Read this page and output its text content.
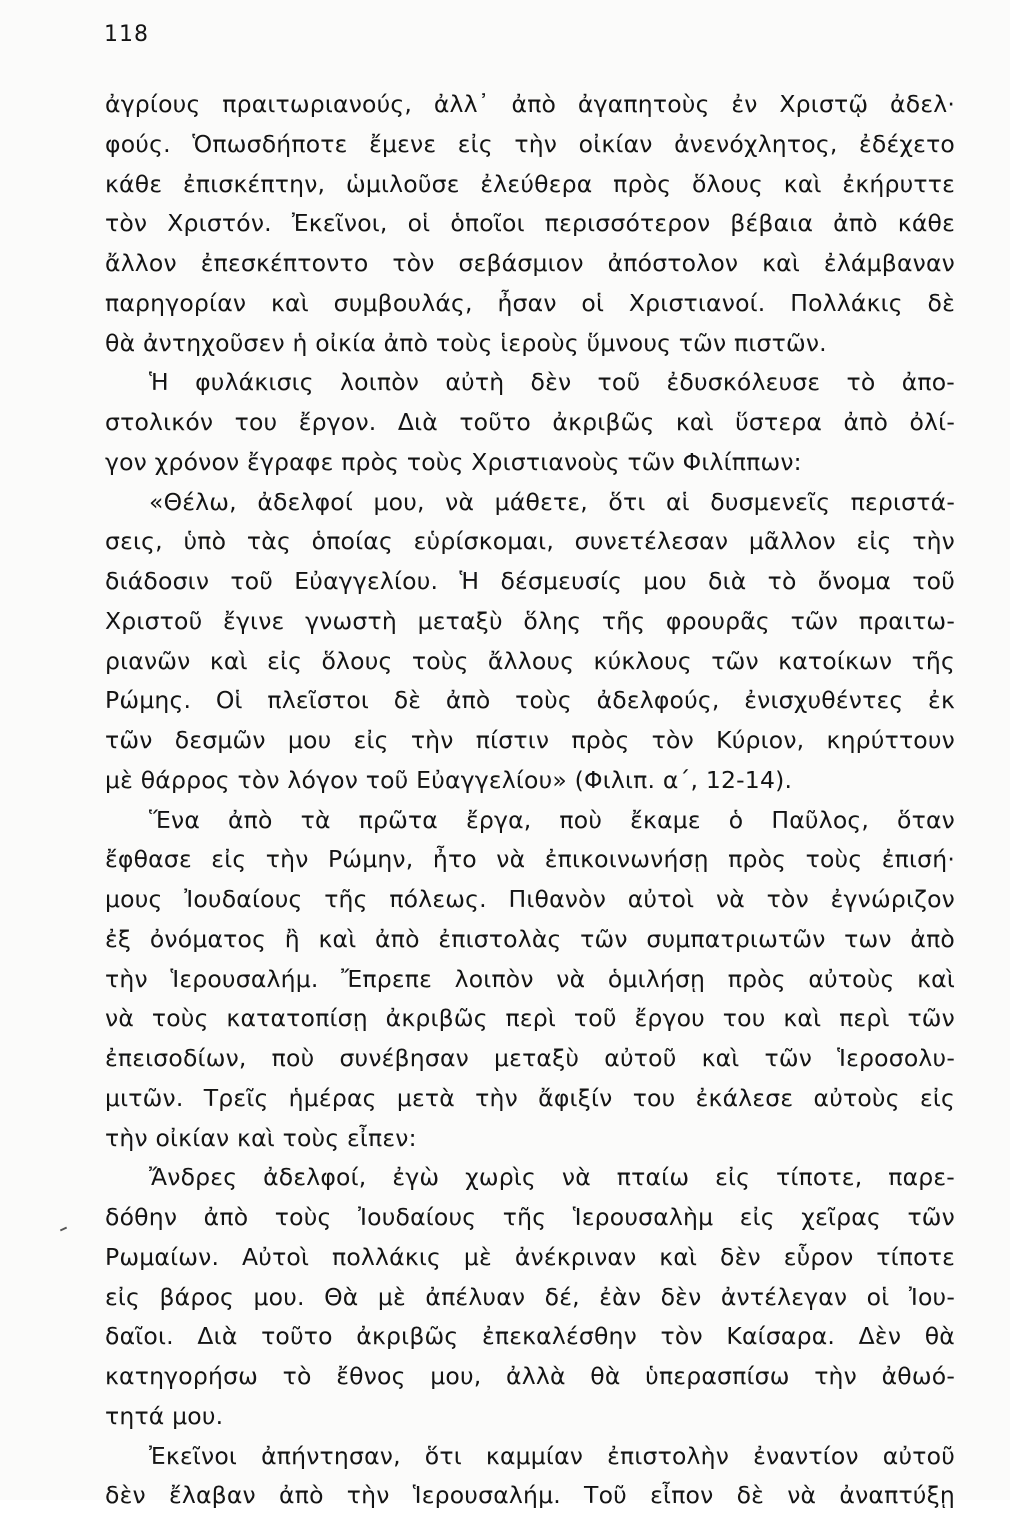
118
ἀγρίους πραιτωριανούς, ἀλλ᾽ ἀπὸ ἀγαπητοὺς ἐν Χριστῷ ἀδελ·
φούς. Ὁπωσδήποτε ἔμενε εἰς τὴν οἰκίαν ἀνενόχλητος, ἐδέχετο
κάθε ἐπισκέπτην, ὡμιλοῦσε ἐλεύθερα πρὸς ὅλους καὶ ἐκήρυττε
τὸν Χριστόν. Ἐκεῖνοι, οἱ ὁποῖοι περισσότερον βέβαια ἀπὸ κάθε
ἄλλον ἐπεσκέπτοντο τὸν σεβάσμιον ἀπόστολον καὶ ἐλάμβαναν
παρηγορίαν καὶ συμβουλάς, ἦσαν οἱ Χριστιανοί. Πολλάκις δὲ
θὰ ἀντηχοῦσεν ἡ οἰκία ἀπὸ τοὺς ἱεροὺς ὕμνους τῶν πιστῶν.
Ἡ φυλάκισις λοιπὸν αὐτὴ δὲν τοῦ ἐδυσκόλευσε τὸ ἀπο-
στολικόν του ἔργον. Διὰ τοῦτο ἀκριβῶς καὶ ὕστερα ἀπὸ ὀλί-
γον χρόνον ἔγραφε πρὸς τοὺς Χριστιανοὺς τῶν Φιλίππων:
«Θέλω, ἀδελφοί μου, νὰ μάθετε, ὅτι αἱ δυσμενεῖς περιστά-
σεις, ὑπὸ τὰς ὁποίας εὑρίσκομαι, συνετέλεσαν μᾶλλον εἰς τὴν
διάδοσιν τοῦ Εὐαγγελίου. Ἡ δέσμευσίς μου διὰ τὸ ὄνομα τοῦ
Χριστοῦ ἔγινε γνωστὴ μεταξὺ ὅλης τῆς φρουρᾶς τῶν πραιτω-
ριανῶν καὶ εἰς ὅλους τοὺς ἄλλους κύκλους τῶν κατοίκων τῆς
Ρώμης. Οἱ πλεῖστοι δὲ ἀπὸ τοὺς ἀδελφούς, ἐνισχυθέντες ἐκ
τῶν δεσμῶν μου εἰς τὴν πίστιν πρὸς τὸν Κύριον, κηρύττουν
μὲ θάρρος τὸν λόγον τοῦ Εὐαγγελίου» (Φιλιπ. α΄, 12-14).
Ἕνα ἀπὸ τὰ πρῶτα ἔργα, ποὺ ἔκαμε ὁ Παῦλος, ὅταν
ἔφθασε εἰς τὴν Ρώμην, ἦτο νὰ ἐπικοινωνήσῃ πρὸς τοὺς ἐπισή·
μους Ἰουδαίους τῆς πόλεως. Πιθανὸν αὐτοὶ νὰ τὸν ἐγνώριζον
ἐξ ὀνόματος ἢ καὶ ἀπὸ ἐπιστολὰς τῶν συμπατριωτῶν των ἀπὸ
τὴν Ἱερουσαλήμ. Ἔπρεπε λοιπὸν νὰ ὁμιλήσῃ πρὸς αὐτοὺς καὶ
νὰ τοὺς κατατοπίσῃ ἀκριβῶς περὶ τοῦ ἔργου του καὶ περὶ τῶν
ἐπεισοδίων, ποὺ συνέβησαν μεταξὺ αὐτοῦ καὶ τῶν Ἱεροσολυ-
μιτῶν. Τρεῖς ἡμέρας μετὰ τὴν ἄφιξίν του ἐκάλεσε αὐτοὺς εἰς
τὴν οἰκίαν καὶ τοὺς εἶπεν:
Ἄνδρες ἀδελφοί, ἐγὼ χωρὶς νὰ πταίω εἰς τίποτε, παρε-
δόθην ἀπὸ τοὺς Ἰουδαίους τῆς Ἱερουσαλὴμ εἰς χεῖρας τῶν
Ρωμαίων. Αὐτοὶ πολλάκις μὲ ἀνέκριναν καὶ δὲν εὗρον τίποτε
εἰς βάρος μου. Θὰ μὲ ἀπέλυαν δέ, ἐὰν δὲν ἀντέλεγαν οἱ Ἰου-
δαῖοι. Διὰ τοῦτο ἀκριβῶς ἐπεκαλέσθην τὸν Καίσαρα. Δὲν θὰ
κατηγορήσω τὸ ἔθνος μου, ἀλλὰ θὰ ὑπερασπίσω τὴν ἀθωό-
τητά μου.
Ἐκεῖνοι ἀπήντησαν, ὅτι καμμίαν ἐπιστολὴν ἐναντίον αὐτοῦ
δὲν ἔλαβαν ἀπὸ τὴν Ἱερουσαλήμ. Τοῦ εἶπον δὲ νὰ ἀναπτύξῃ
